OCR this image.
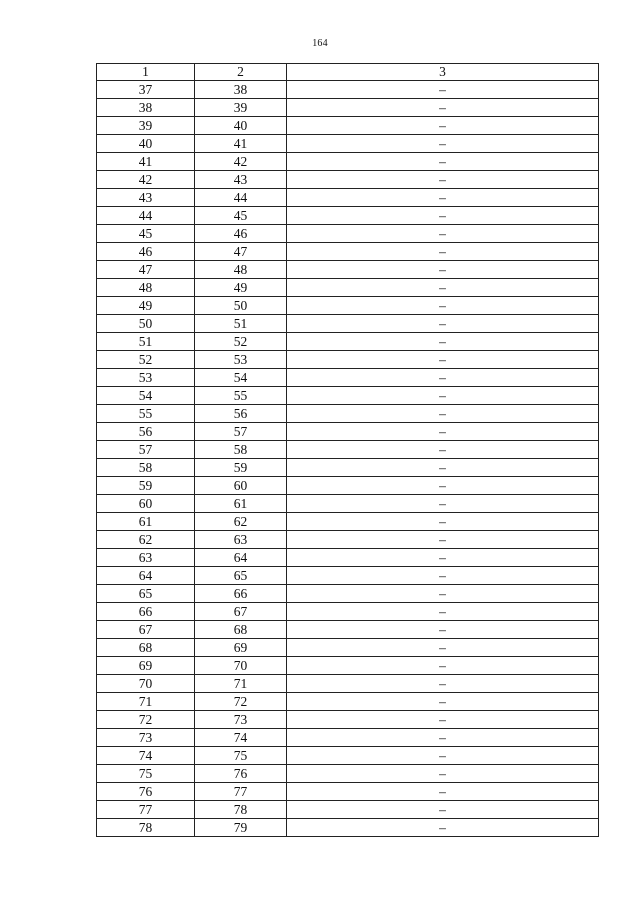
164
1	2	3
37	38	–
38	39	–
39	40	–
40	41	–
41	42	–
42	43	–
43	44	–
44	45	–
45	46	–
46	47	–
47	48	–
48	49	–
49	50	–
50	51	–
51	52	–
52	53	–
53	54	–
54	55	–
55	56	–
56	57	–
57	58	–
58	59	–
59	60	–
60	61	–
61	62	–
62	63	–
63	64	–
64	65	–
65	66	–
66	67	–
67	68	–
68	69	–
69	70	–
70	71	–
71	72	–
72	73	–
73	74	–
74	75	–
75	76	–
76	77	–
77	78	–
78	79	–
